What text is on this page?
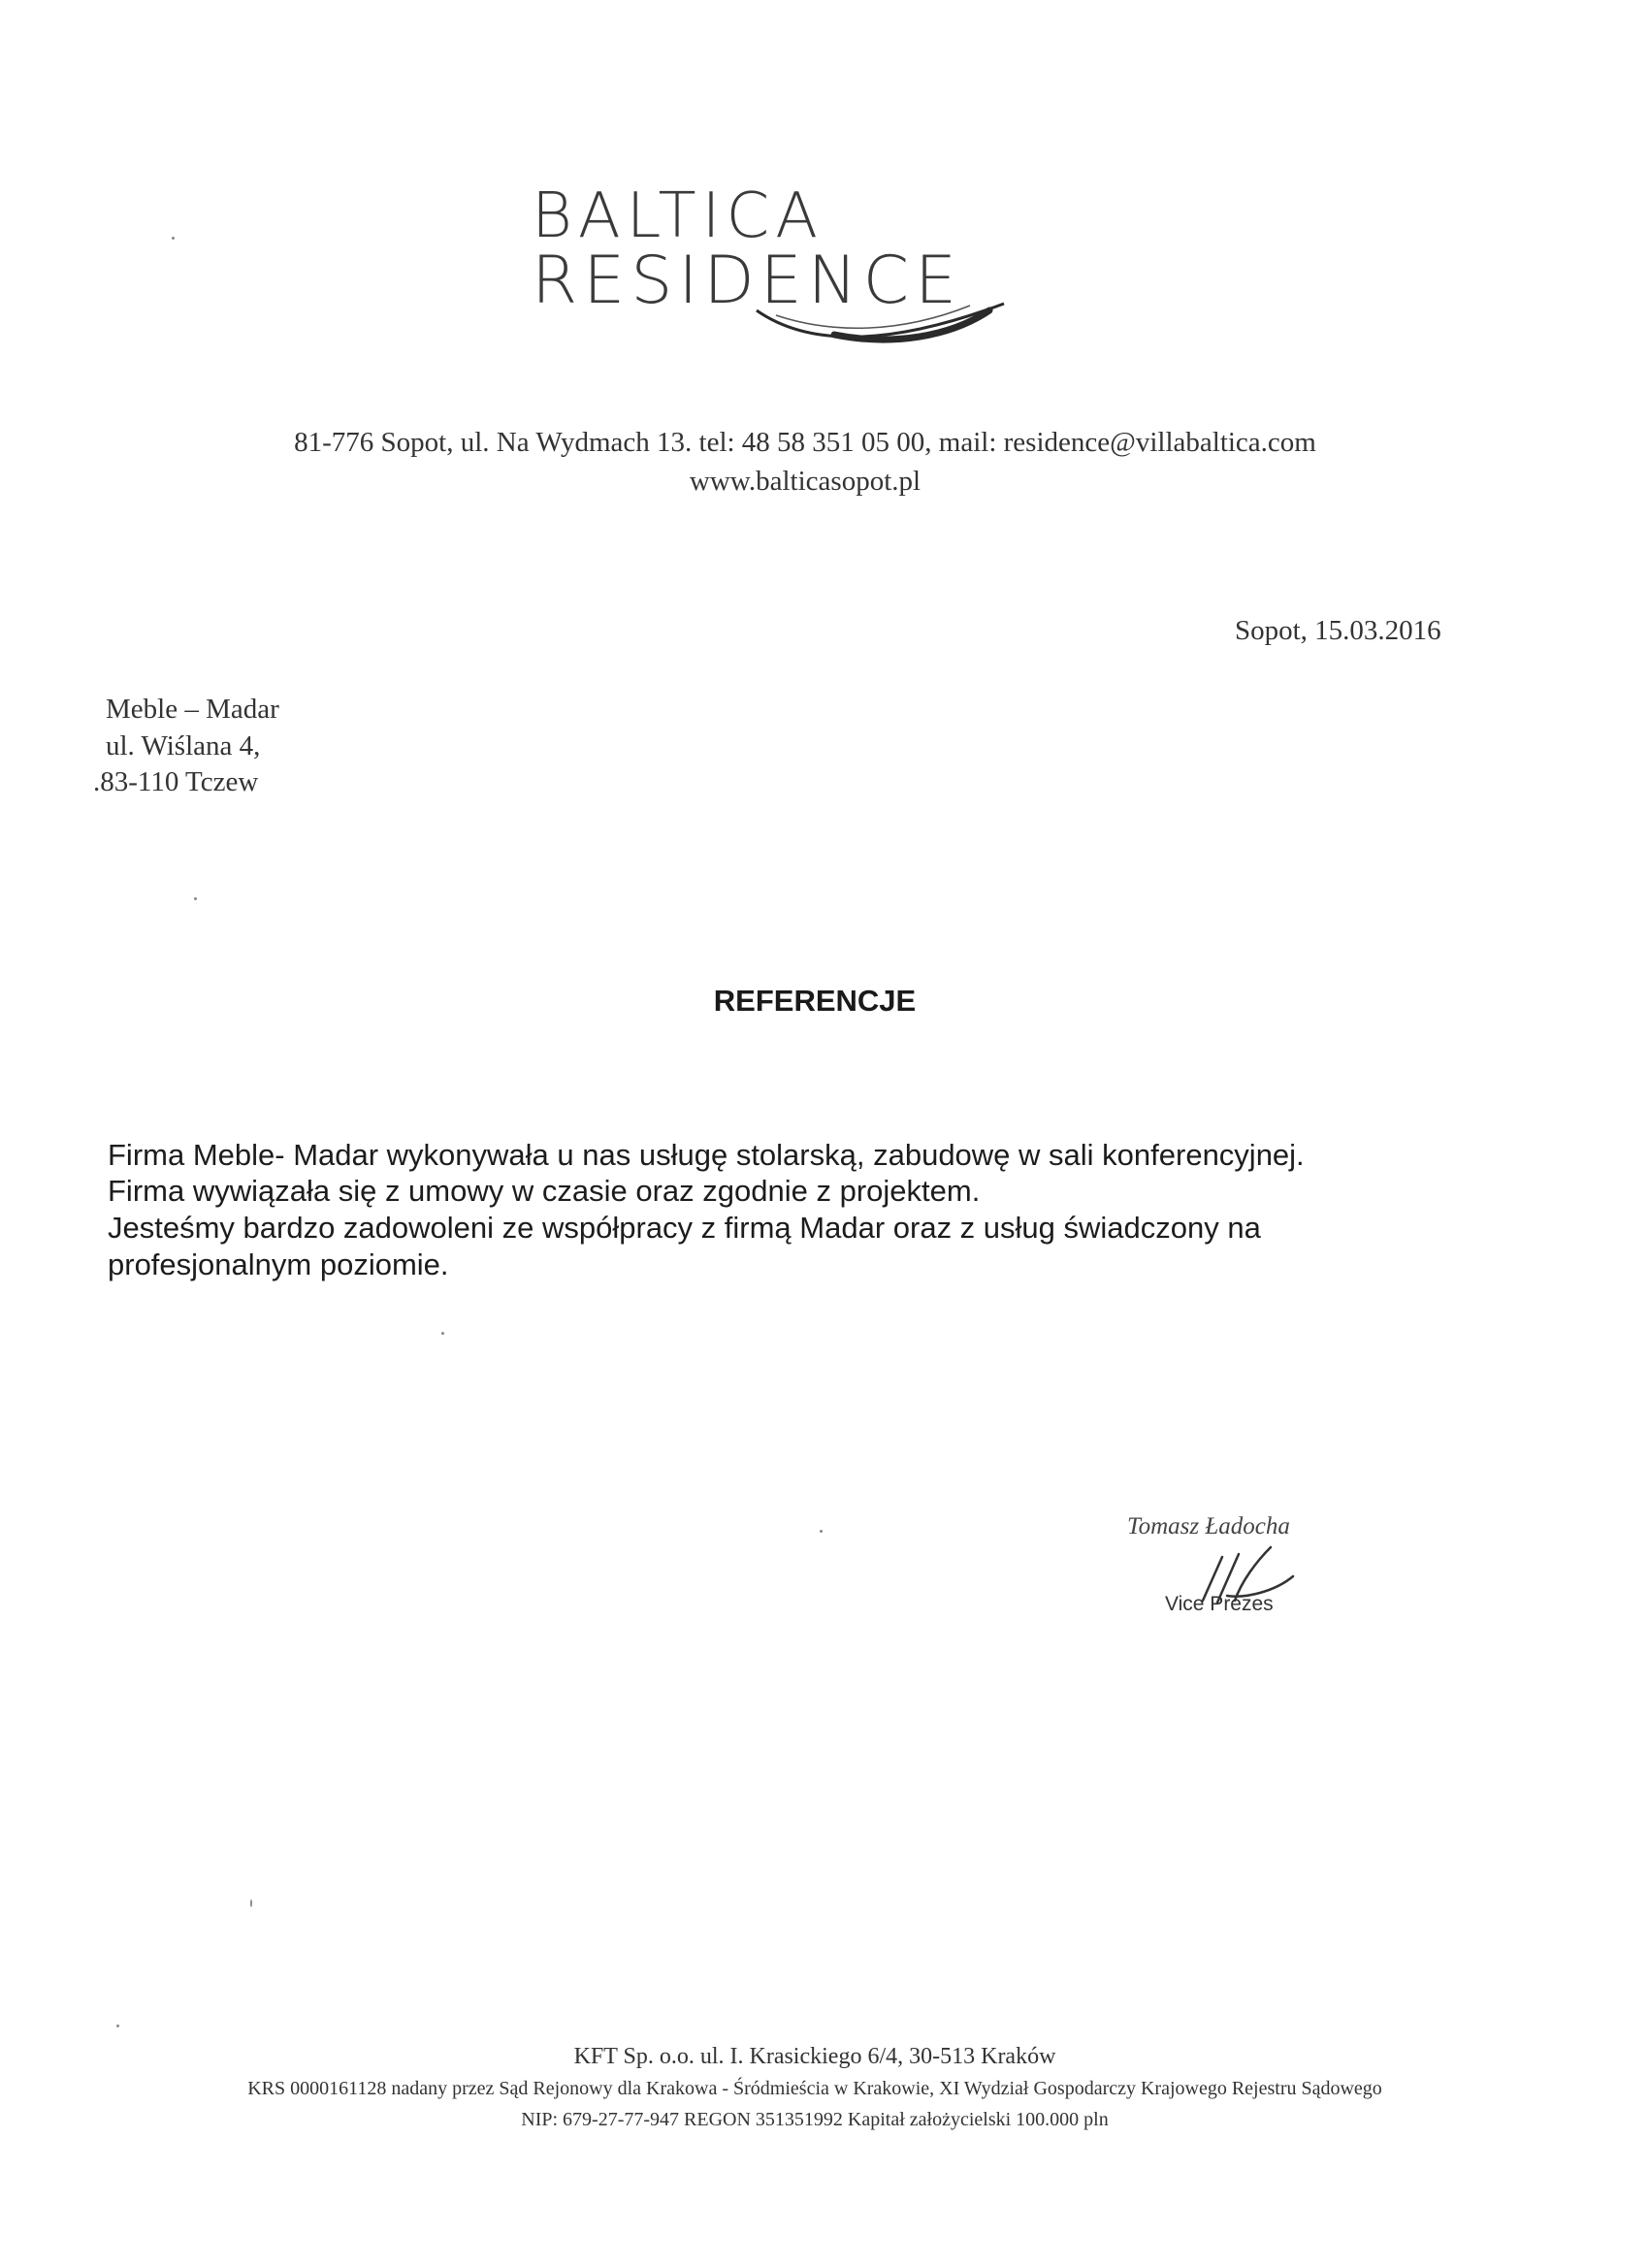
BALTICA
RESIDENCE
81-776 Sopot, ul. Na Wydmach 13. tel: 48 58 351 05 00, mail: residence@villabaltica.com
www.balticasopot.pl
Sopot, 15.03.2016
Meble – Madar
ul. Wiślana 4,
.83-110 Tczew
REFERENCJE
Firma Meble- Madar wykonywała u nas usługę stolarską, zabudowę w sali konferencyjnej.
Firma wywiązała się z umowy w czasie oraz zgodnie z projektem.
Jesteśmy bardzo zadowoleni ze współpracy z firmą Madar oraz z usług świadczony na
profesjonalnym poziomie.
Tomasz Ładocha
Vice Prezes
KFT Sp. o.o. ul. I. Krasickiego 6/4, 30-513 Kraków
KRS 0000161128 nadany przez Sąd Rejonowy dla Krakowa - Śródmieścia w Krakowie, XI Wydział Gospodarczy Krajowego Rejestru Sądowego
NIP: 679-27-77-947 REGON 351351992 Kapitał założycielski 100.000 pln
